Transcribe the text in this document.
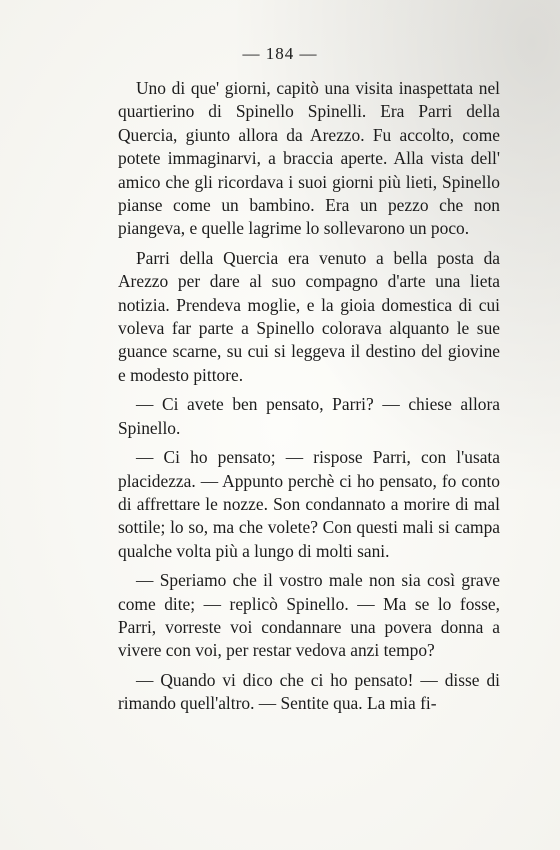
— 184 —

Uno di que' giorni, capitò una visita inaspettata nel quartierino di Spinello Spinelli. Era Parri della Quercia, giunto allora da Arezzo. Fu accolto, come potete immaginarvi, a braccia aperte. Alla vista dell' amico che gli ricordava i suoi giorni più lieti, Spinello pianse come un bambino. Era un pezzo che non piangeva, e quelle lagrime lo sollevarono un poco.

Parri della Quercia era venuto a bella posta da Arezzo per dare al suo compagno d'arte una lieta notizia. Prendeva moglie, e la gioia domestica di cui voleva far parte a Spinello colorava alquanto le sue guance scarne, su cui si leggeva il destino del giovine e modesto pittore.

— Ci avete ben pensato, Parri? — chiese allora Spinello.

— Ci ho pensato; — rispose Parri, con l'usata placidezza. — Appunto perchè ci ho pensato, fo conto di affrettare le nozze. Son condannato a morire di mal sottile; lo so, ma che volete? Con questi mali si campa qualche volta più a lungo di molti sani.

— Speriamo che il vostro male non sia così grave come dite; — replicò Spinello. — Ma se lo fosse, Parri, vorreste voi condannare una povera donna a vivere con voi, per restar vedova anzi tempo?

— Quando vi dico che ci ho pensato! — disse di rimando quell'altro. — Sentite qua. La mia fi-
